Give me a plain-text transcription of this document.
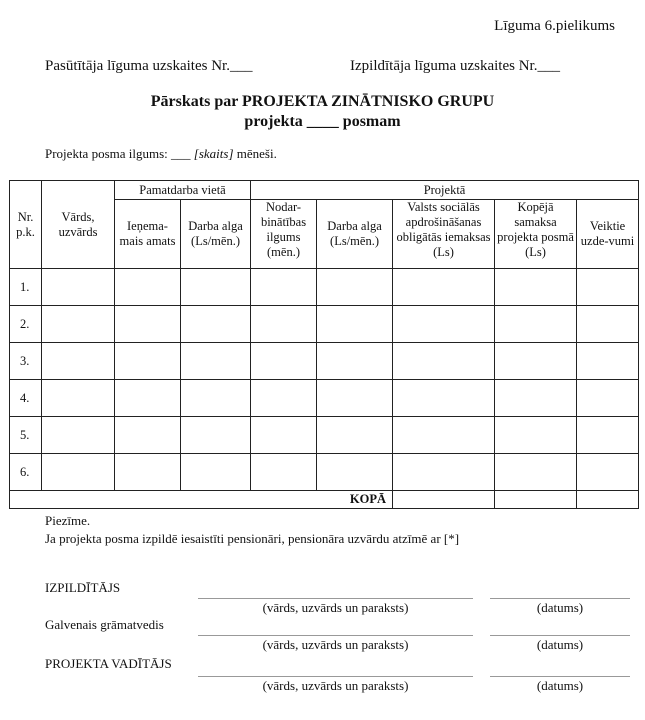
Līguma 6.pielikums
Pasūtītāja līguma uzskaites Nr.___	Izpildītāja līguma uzskaites Nr.___
Pārskats par PROJEKTA ZINĀTNISKO GRUPU
projekta ____ posmam
Projekta posma ilgums: ___ [skaits] mēneši.
Nr. p.k.	Vārds, uzvārds	Pamatdarba vietā		Projektā				
		Ieņema-mais amats	Darba alga (Ls/mēn.)	Nodar-binātības ilgums (mēn.)	Darba alga (Ls/mēn.)	Valsts sociālās apdrošināšanas obligātās iemaksas (Ls)	Kopējā samaksa projekta posmā (Ls)	Veiktie uzde-vumi
1.								
2.								
3.								
4.								
5.								
6.								
KOPĀ								
Piezīme.
Ja projekta posma izpildē iesaistīti pensionāri, pensionāra uzvārdu atzīmē ar [*]
IZPILDĪTĀJS
(vārds, uzvārds un paraksts)	(datums)
Galvenais grāmatvedis
(vārds, uzvārds un paraksts)	(datums)
PROJEKTA VADĪTĀJS
(vārds, uzvārds un paraksts)	(datums)
